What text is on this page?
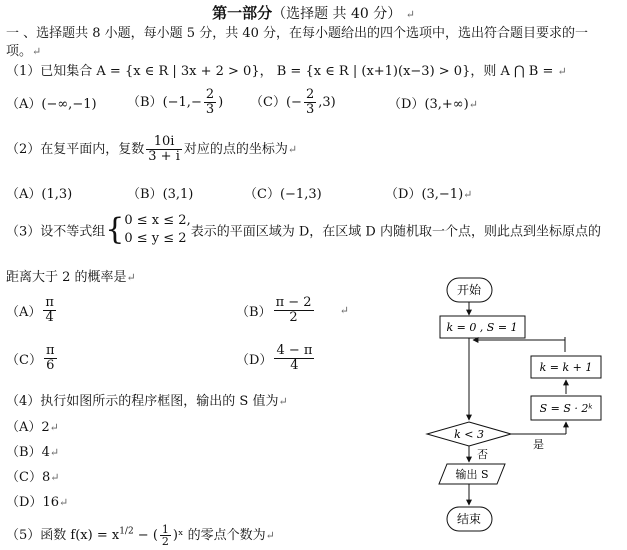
第一部分（选择题 共 40 分） ↵
一 、选择题共 8 小题，每小题 5 分，共 40 分，在每小题给出的四个选项中，选出符合题目要求的一
项。↵
（1）已知集合 A = {x ∈ R | 3x + 2 > 0}， B = {x ∈ R | (x+1)(x−3) > 0}，则 A ⋂ B = ↵
（A）(−∞,−1) $(B)(-1,- \frac{2}{3}$ ) $(C)(- \frac{2}{3} ,3)$	（D）(3,+∞)↵
（2）在复平面内，复数 $\frac{10i}{3 + i}$ 对应的点的坐标为↵
（A）(1,3)	（B）(3,1)	（C）(−1,3)	（D）(3,−1)↵
（3）设不等式组{ 0 ≤ x ≤ 2,
0 ≤ y ≤ 2 表示的平面区域为 D，在区域 D 内随机取一个点，则此点到坐标原点的
距离大于 2 的概率是↵
$(A) \frac{\pi}{4}$	$(B) \frac{\pi - 2}{2}$ ↵
$(C) \frac{\pi}{6}$	$(D) \frac{4 - \pi}{4}$
（4）执行如图所示的程序框图，输出的 S 值为↵
（A）2↵
（B）4↵
（C）8↵
（D）16↵
（5）函数 $f(x) = x^{1/2}$ − ( $\frac{1}{2}$ )ˣ 的零点个数为↵
开始
k = 0 , S = 1
k = k + 1
S = S · 2ᵏ
k < 3
是
否
输出 S
结束
